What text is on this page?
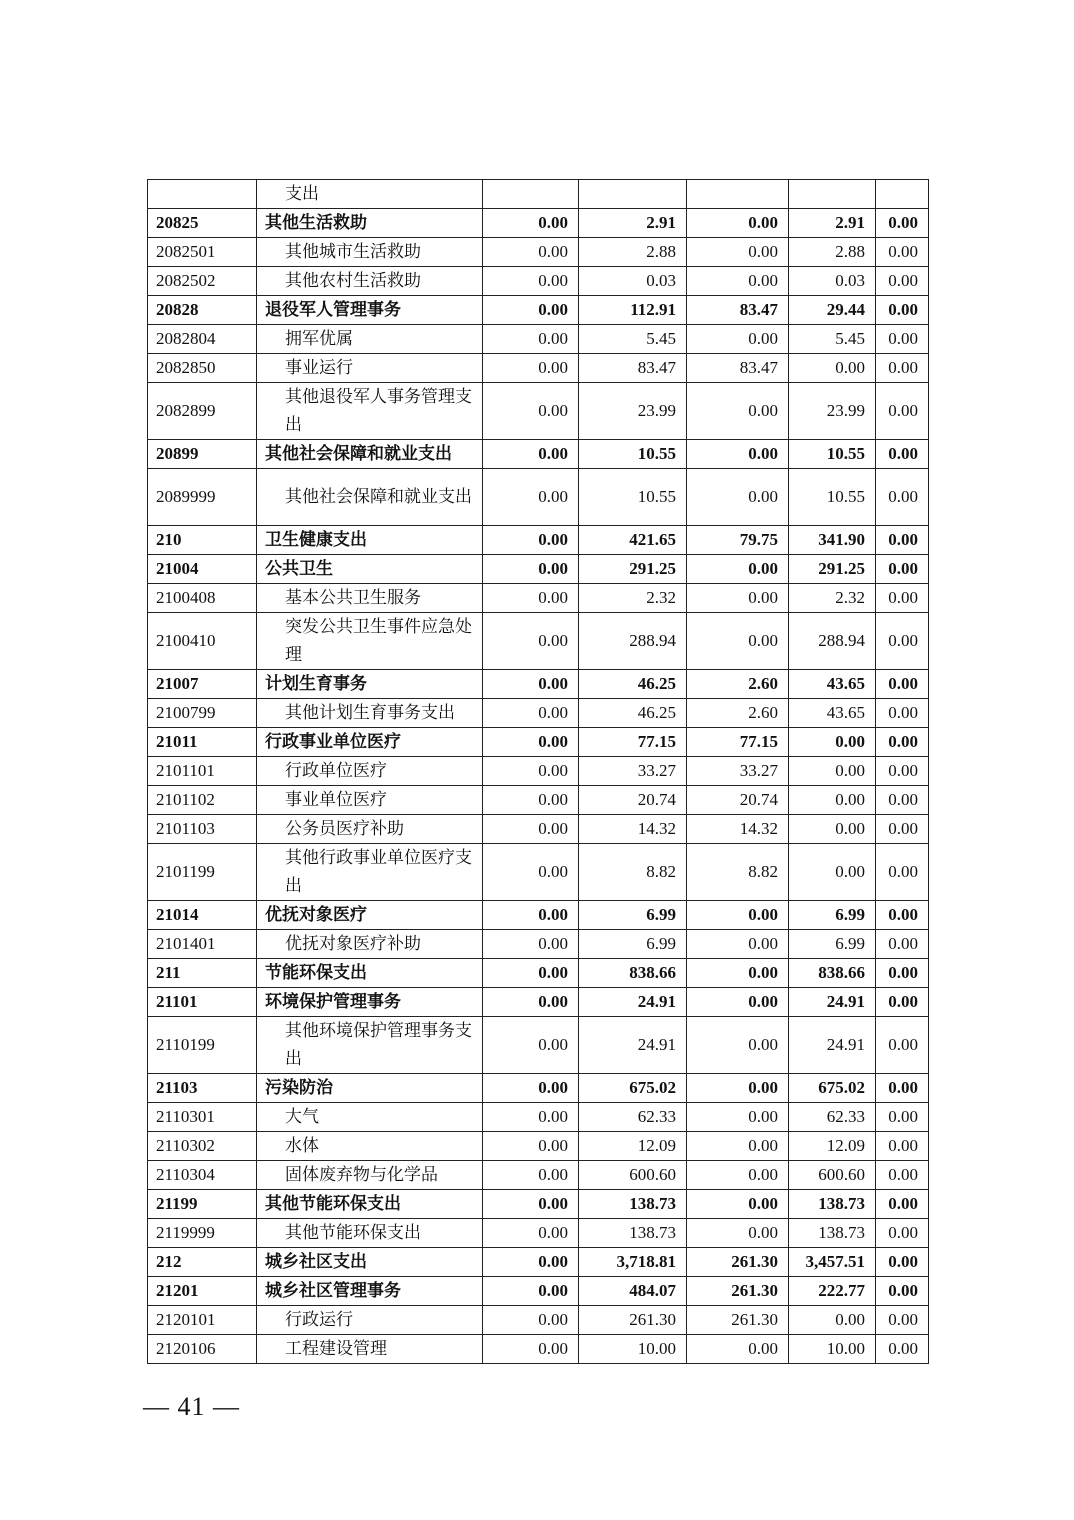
	支出					
20825	其他生活救助	0.00	2.91	0.00	2.91	0.00
2082501	其他城市生活救助	0.00	2.88	0.00	2.88	0.00
2082502	其他农村生活救助	0.00	0.03	0.00	0.03	0.00
20828	退役军人管理事务	0.00	112.91	83.47	29.44	0.00
2082804	拥军优属	0.00	5.45	0.00	5.45	0.00
2082850	事业运行	0.00	83.47	83.47	0.00	0.00
2082899	其他退役军人事务管理支出	0.00	23.99	0.00	23.99	0.00
20899	其他社会保障和就业支出	0.00	10.55	0.00	10.55	0.00
2089999	其他社会保障和就业支出	0.00	10.55	0.00	10.55	0.00
210	卫生健康支出	0.00	421.65	79.75	341.90	0.00
21004	公共卫生	0.00	291.25	0.00	291.25	0.00
2100408	基本公共卫生服务	0.00	2.32	0.00	2.32	0.00
2100410	突发公共卫生事件应急处理	0.00	288.94	0.00	288.94	0.00
21007	计划生育事务	0.00	46.25	2.60	43.65	0.00
2100799	其他计划生育事务支出	0.00	46.25	2.60	43.65	0.00
21011	行政事业单位医疗	0.00	77.15	77.15	0.00	0.00
2101101	行政单位医疗	0.00	33.27	33.27	0.00	0.00
2101102	事业单位医疗	0.00	20.74	20.74	0.00	0.00
2101103	公务员医疗补助	0.00	14.32	14.32	0.00	0.00
2101199	其他行政事业单位医疗支出	0.00	8.82	8.82	0.00	0.00
21014	优抚对象医疗	0.00	6.99	0.00	6.99	0.00
2101401	优抚对象医疗补助	0.00	6.99	0.00	6.99	0.00
211	节能环保支出	0.00	838.66	0.00	838.66	0.00
21101	环境保护管理事务	0.00	24.91	0.00	24.91	0.00
2110199	其他环境保护管理事务支出	0.00	24.91	0.00	24.91	0.00
21103	污染防治	0.00	675.02	0.00	675.02	0.00
2110301	大气	0.00	62.33	0.00	62.33	0.00
2110302	水体	0.00	12.09	0.00	12.09	0.00
2110304	固体废弃物与化学品	0.00	600.60	0.00	600.60	0.00
21199	其他节能环保支出	0.00	138.73	0.00	138.73	0.00
2119999	其他节能环保支出	0.00	138.73	0.00	138.73	0.00
212	城乡社区支出	0.00	3,718.81	261.30	3,457.51	0.00
21201	城乡社区管理事务	0.00	484.07	261.30	222.77	0.00
2120101	行政运行	0.00	261.30	261.30	0.00	0.00
2120106	工程建设管理	0.00	10.00	0.00	10.00	0.00
— 41 —
